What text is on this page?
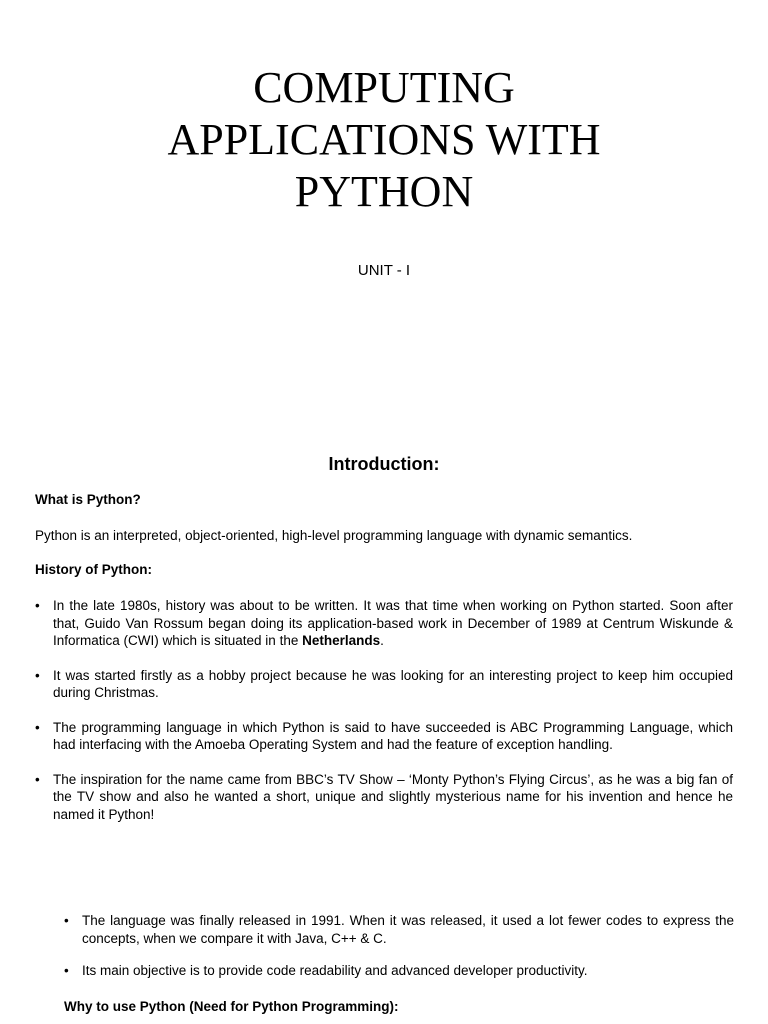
COMPUTING
APPLICATIONS WITH
PYTHON
UNIT - I
Introduction:
What is Python?
Python is an interpreted, object-oriented, high-level programming language with dynamic semantics.
History of Python:
• In the late 1980s, history was about to be written. It was that time when working on Python started. Soon after that, Guido Van Rossum began doing its application-based work in December of 1989 at Centrum Wiskunde & Informatica (CWI) which is situated in the Netherlands.
• It was started firstly as a hobby project because he was looking for an interesting project to keep him occupied during Christmas.
• The programming language in which Python is said to have succeeded is ABC Programming Language, which had interfacing with the Amoeba Operating System and had the feature of exception handling.
• The inspiration for the name came from BBC’s TV Show – ‘Monty Python’s Flying Circus’, as he was a big fan of the TV show and also he wanted a short, unique and slightly mysterious name for his invention and hence he named it Python!
• The language was finally released in 1991. When it was released, it used a lot fewer codes to express the concepts, when we compare it with Java, C++ & C.
• Its main objective is to provide code readability and advanced developer productivity.
Why to use Python (Need for Python Programming):
